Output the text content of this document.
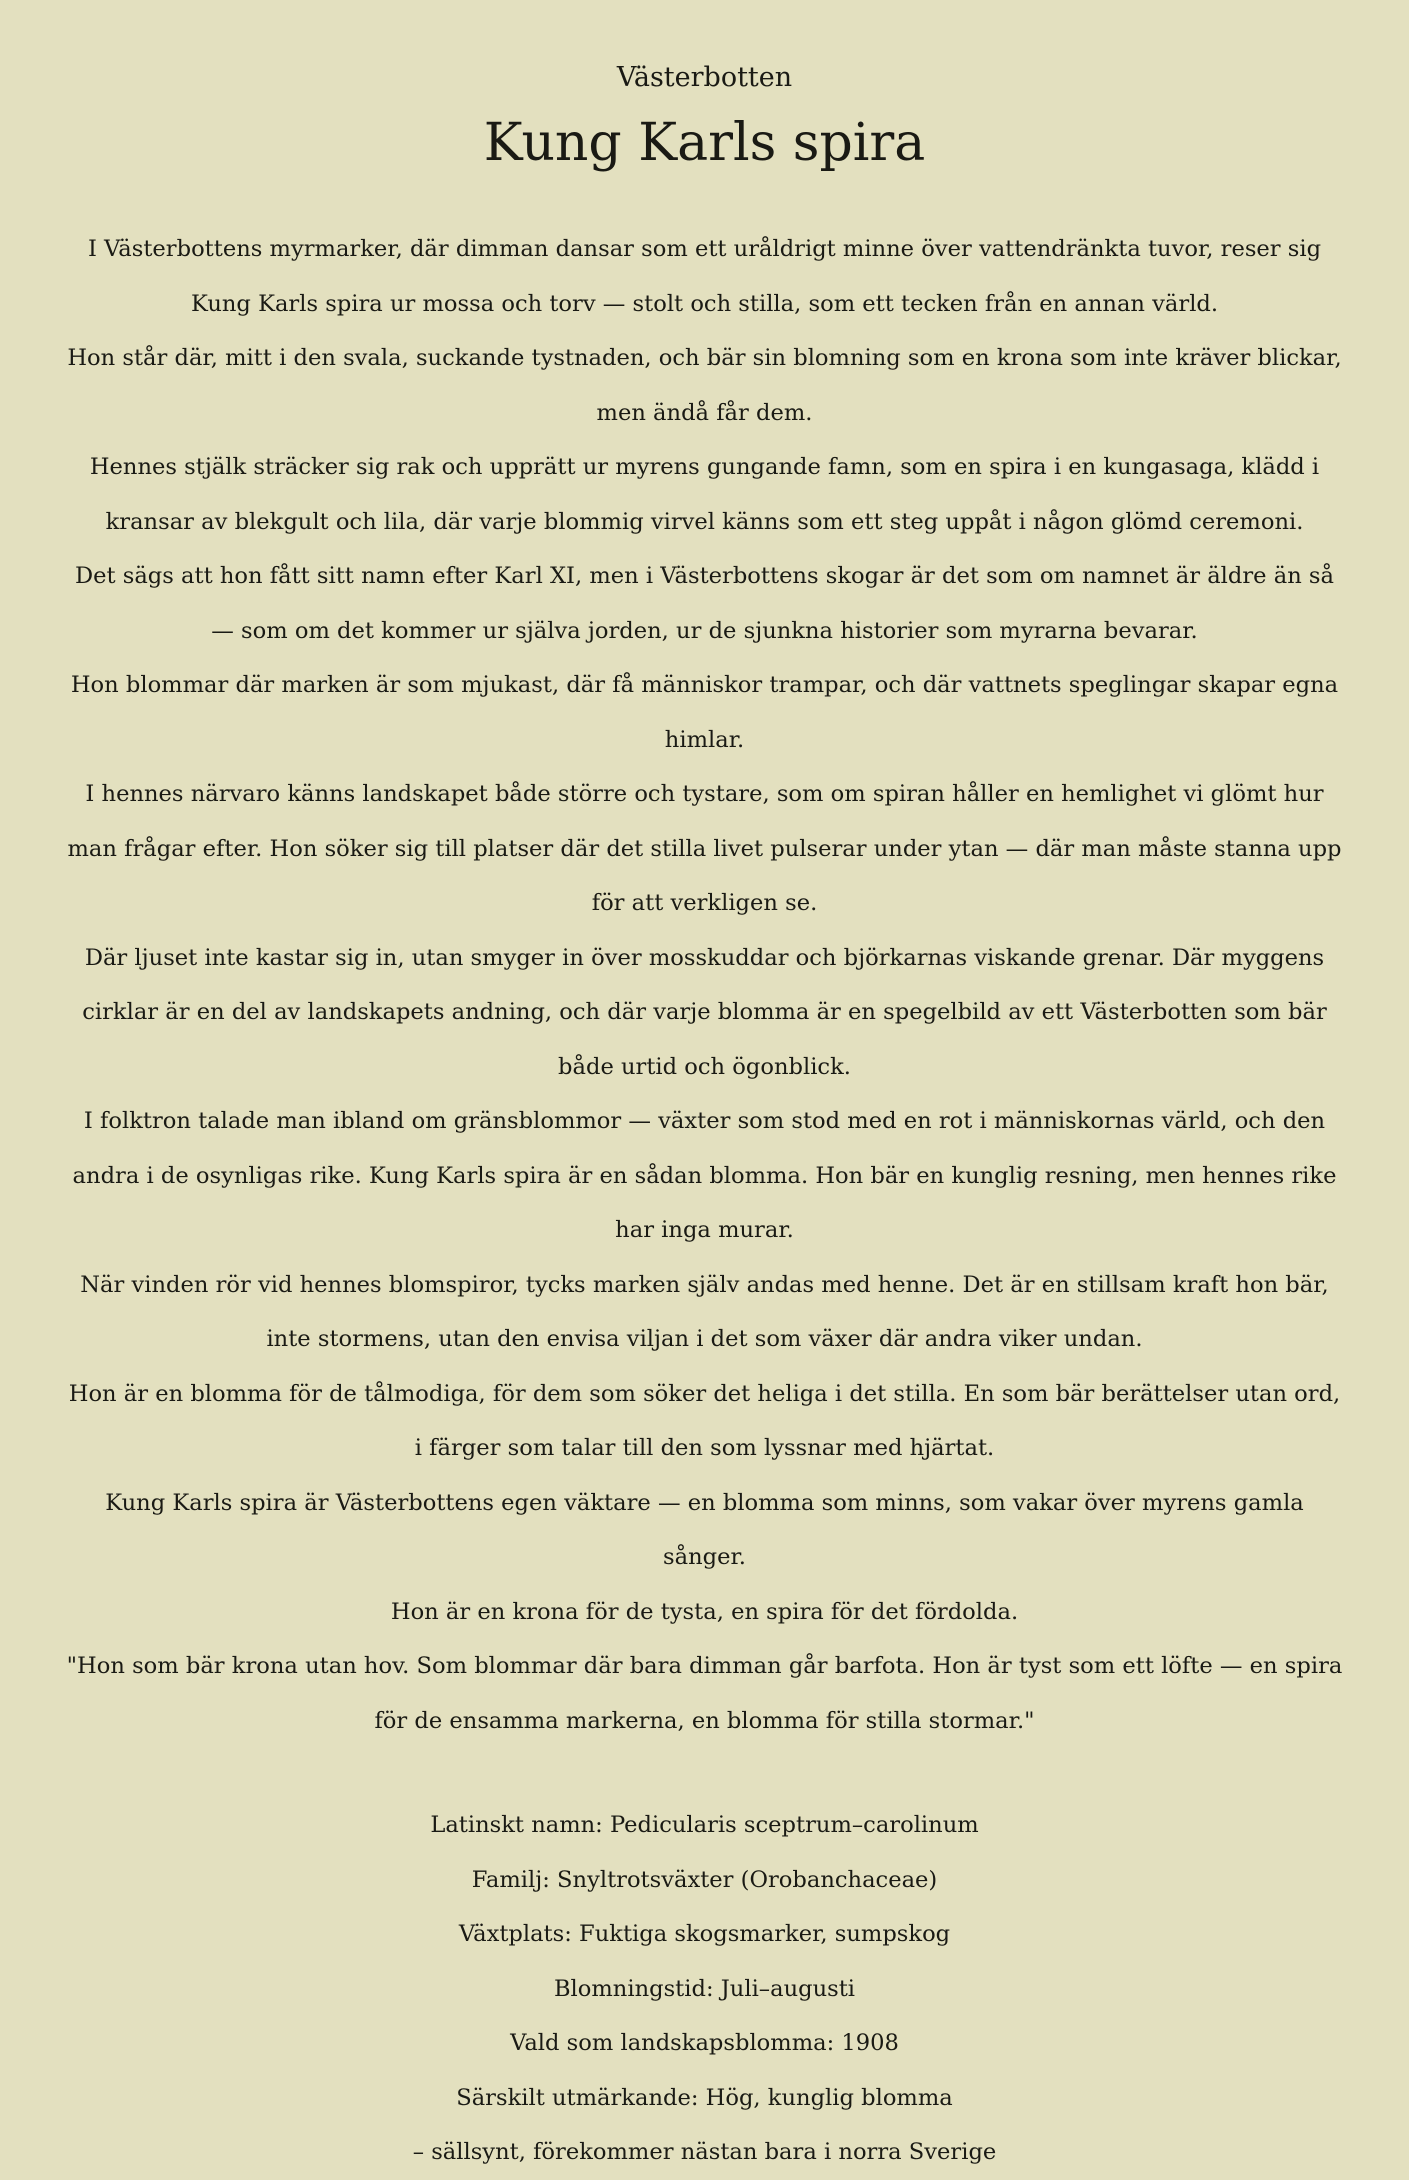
Västerbotten
Kung Karls spira

I Västerbottens myrmarker, där dimman dansar som ett uråldrigt minne över vattendränkta tuvor, reser sig Kung Karls spira ur mossa och torv — stolt och stilla, som ett tecken från en annan värld.

Hon står där, mitt i den svala, suckande tystnaden, och bär sin blomning som en krona som inte kräver blickar, men ändå får dem.

Hennes stjälk sträcker sig rak och upprätt ur myrens gungande famn, som en spira i en kungasaga, klädd i kransar av blekgult och lila, där varje blommig virvel känns som ett steg uppåt i någon glömd ceremoni.

Det sägs att hon fått sitt namn efter Karl XI, men i Västerbottens skogar är det som om namnet är äldre än så — som om det kommer ur själva jorden, ur de sjunkna historier som myrarna bevarar.

Hon blommar där marken är som mjukast, där få människor trampar, och där vattnets speglingar skapar egna himlar.

I hennes närvaro känns landskapet både större och tystare, som om spiran håller en hemlighet vi glömt hur man frågar efter. Hon söker sig till platser där det stilla livet pulserar under ytan — där man måste stanna upp för att verkligen se.

Där ljuset inte kastar sig in, utan smyger in över mosskuddar och björkarnas viskande grenar. Där myggens cirklar är en del av landskapets andning, och där varje blomma är en spegelbild av ett Västerbotten som bär både urtid och ögonblick.

I folktron talade man ibland om gränsblommor — växter som stod med en rot i människornas värld, och den andra i de osynligas rike. Kung Karls spira är en sådan blomma. Hon bär en kunglig resning, men hennes rike har inga murar.

När vinden rör vid hennes blomspiror, tycks marken själv andas med henne. Det är en stillsam kraft hon bär, inte stormens, utan den envisa viljan i det som växer där andra viker undan.

Hon är en blomma för de tålmodiga, för dem som söker det heliga i det stilla. En som bär berättelser utan ord, i färger som talar till den som lyssnar med hjärtat.

Kung Karls spira är Västerbottens egen väktare — en blomma som minns, som vakar över myrens gamla sånger.

Hon är en krona för de tysta, en spira för det fördolda.

"Hon som bär krona utan hov. Som blommar där bara dimman går barfota. Hon är tyst som ett löfte — en spira för de ensamma markerna, en blomma för stilla stormar."

Latinskt namn: Pedicularis sceptrum–carolinum

Familj: Snyltrotsväxter (Orobanchaceae)

Växtplats: Fuktiga skogsmarker, sumpskog

Blomningstid: Juli–augusti

Vald som landskapsblomma: 1908

Särskilt utmärkande: Hög, kunglig blomma

– sällsynt, förekommer nästan bara i norra Sverige
